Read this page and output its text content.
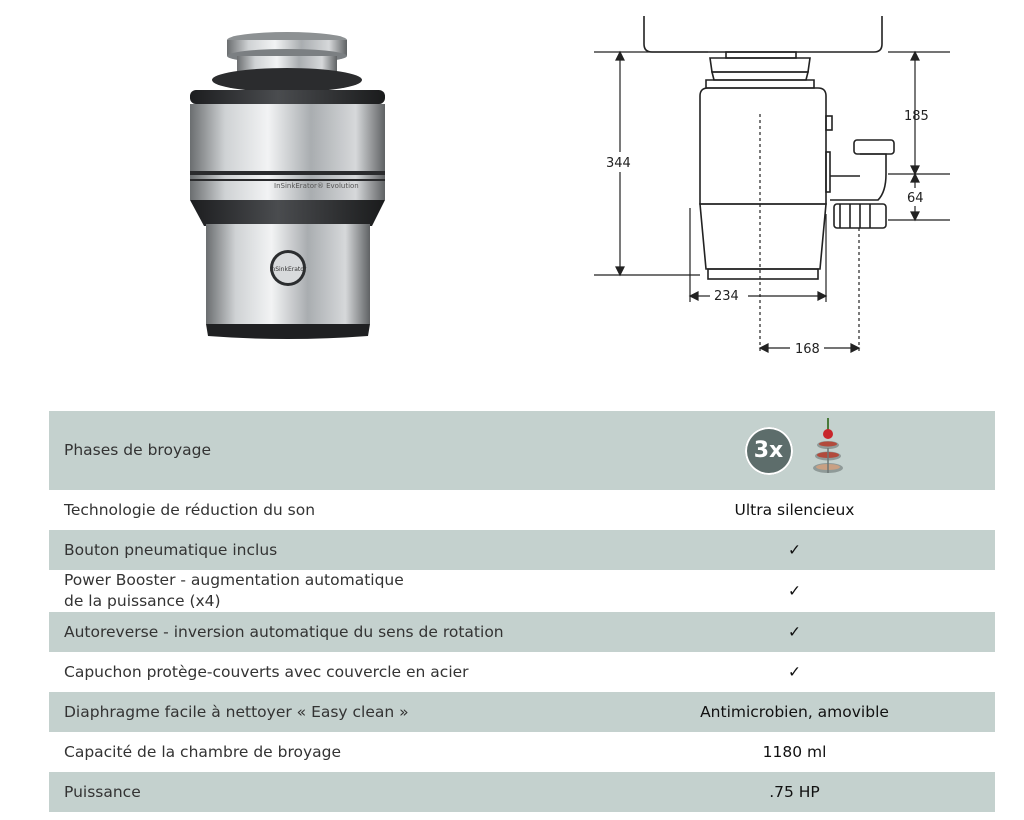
InSinkErator® Evolution
InSinkErator
344
185
64
234
168
Phases de broyage	3x

Technologie de réduction du son	Ultra silencieux
Bouton pneumatique inclus	✓

Power Booster - augmentation automatique
de la puissance (x4)	✓
Autoreverse - inversion automatique du sens de rotation	✓
Capuchon protège-couverts avec couvercle en acier	✓
Diaphragme facile à nettoyer « Easy clean »	Antimicrobien, amovible
Capacité de la chambre de broyage	1180 ml
Puissance	.75 HP
